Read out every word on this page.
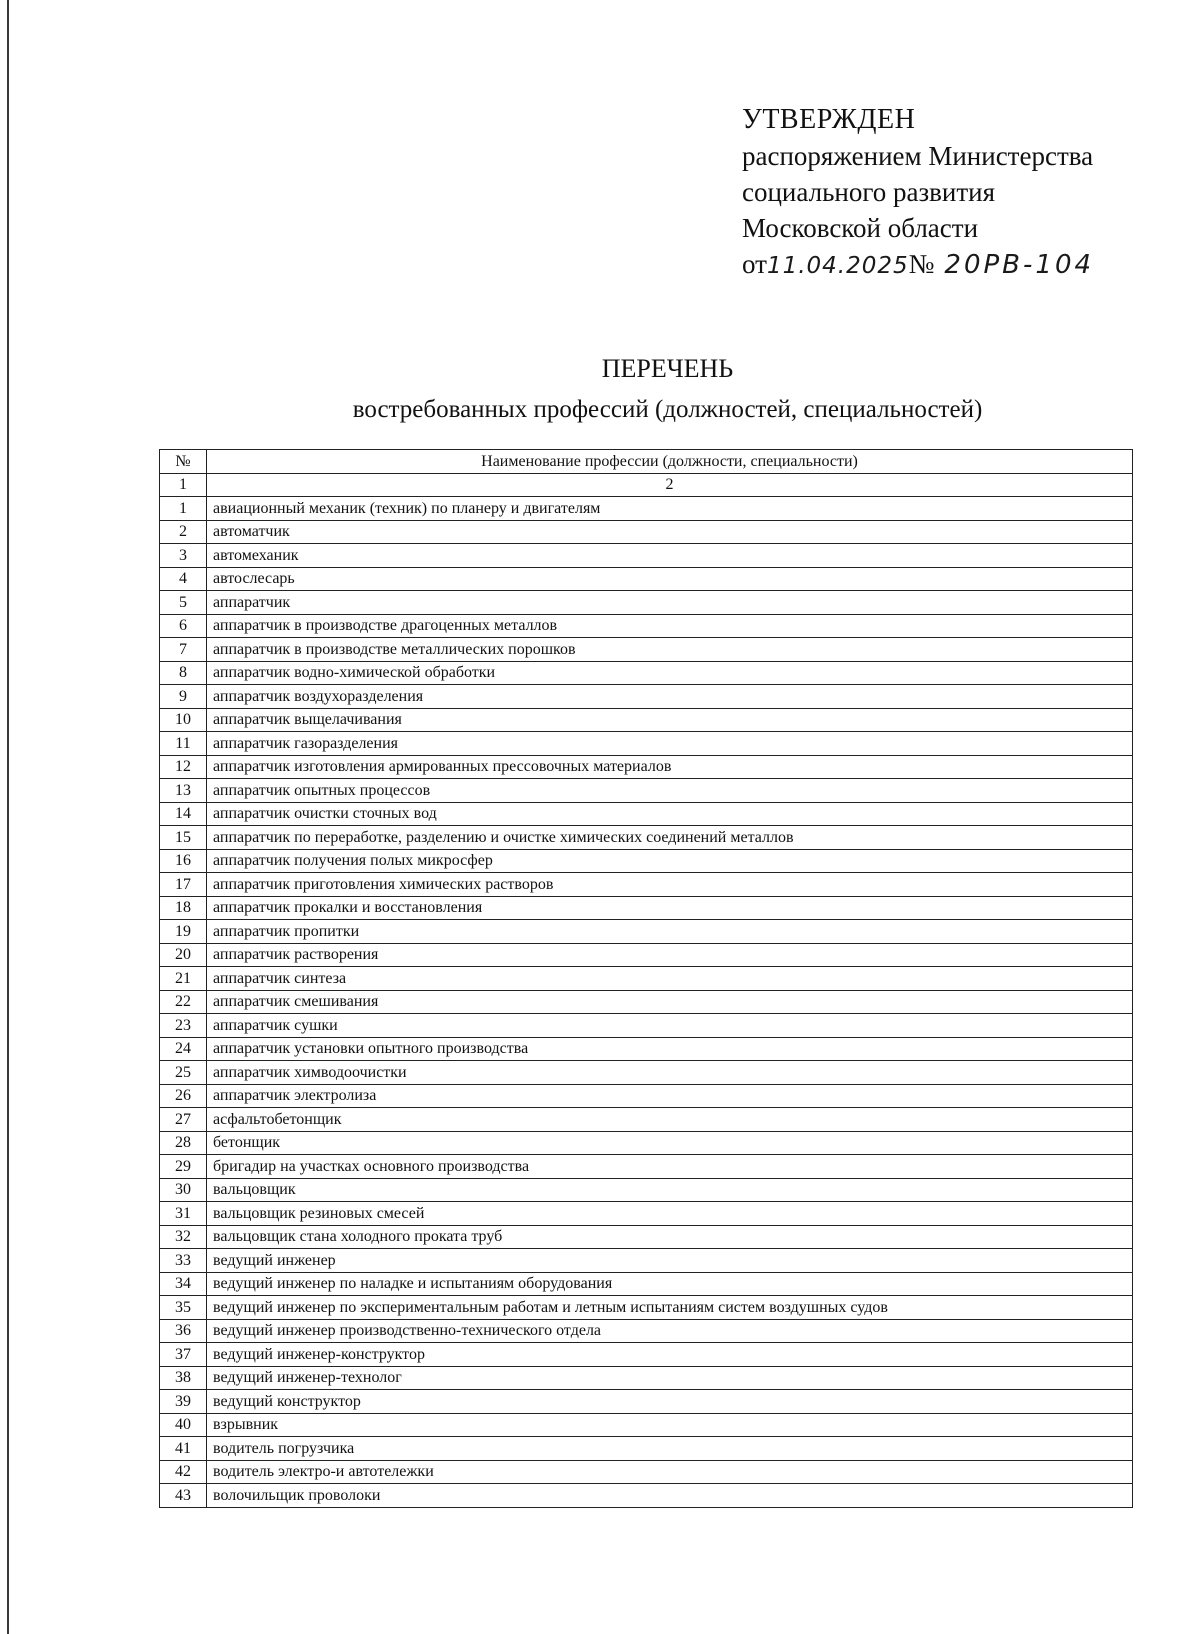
УТВЕРЖДЕН
распоряжением Министерства
социального развития
Московской области
от11.04.2025№ 20РВ-104
ПЕРЕЧЕНЬ
востребованных профессий (должностей, специальностей)
№	Наименование профессии (должности, специальности)
1	2
1	авиационный механик (техник) по планеру и двигателям
2	автоматчик
3	автомеханик
4	автослесарь
5	аппаратчик
6	аппаратчик в производстве драгоценных металлов
7	аппаратчик в производстве металлических порошков
8	аппаратчик водно-химической обработки
9	аппаратчик воздухоразделения
10	аппаратчик выщелачивания
11	аппаратчик газоразделения
12	аппаратчик изготовления армированных прессовочных материалов
13	аппаратчик опытных процессов
14	аппаратчик очистки сточных вод
15	аппаратчик по переработке, разделению и очистке химических соединений металлов
16	аппаратчик получения полых микросфер
17	аппаратчик приготовления химических растворов
18	аппаратчик прокалки и восстановления
19	аппаратчик пропитки
20	аппаратчик растворения
21	аппаратчик синтеза
22	аппаратчик смешивания
23	аппаратчик сушки
24	аппаратчик установки опытного производства
25	аппаратчик химводоочистки
26	аппаратчик электролиза
27	асфальтобетонщик
28	бетонщик
29	бригадир на участках основного производства
30	вальцовщик
31	вальцовщик резиновых смесей
32	вальцовщик стана холодного проката труб
33	ведущий инженер
34	ведущий инженер по наладке и испытаниям оборудования
35	ведущий инженер по экспериментальным работам и летным испытаниям систем воздушных судов
36	ведущий инженер производственно-технического отдела
37	ведущий инженер-конструктор
38	ведущий инженер-технолог
39	ведущий конструктор
40	взрывник
41	водитель погрузчика
42	водитель электро-и автотележки
43	волочильщик проволоки
